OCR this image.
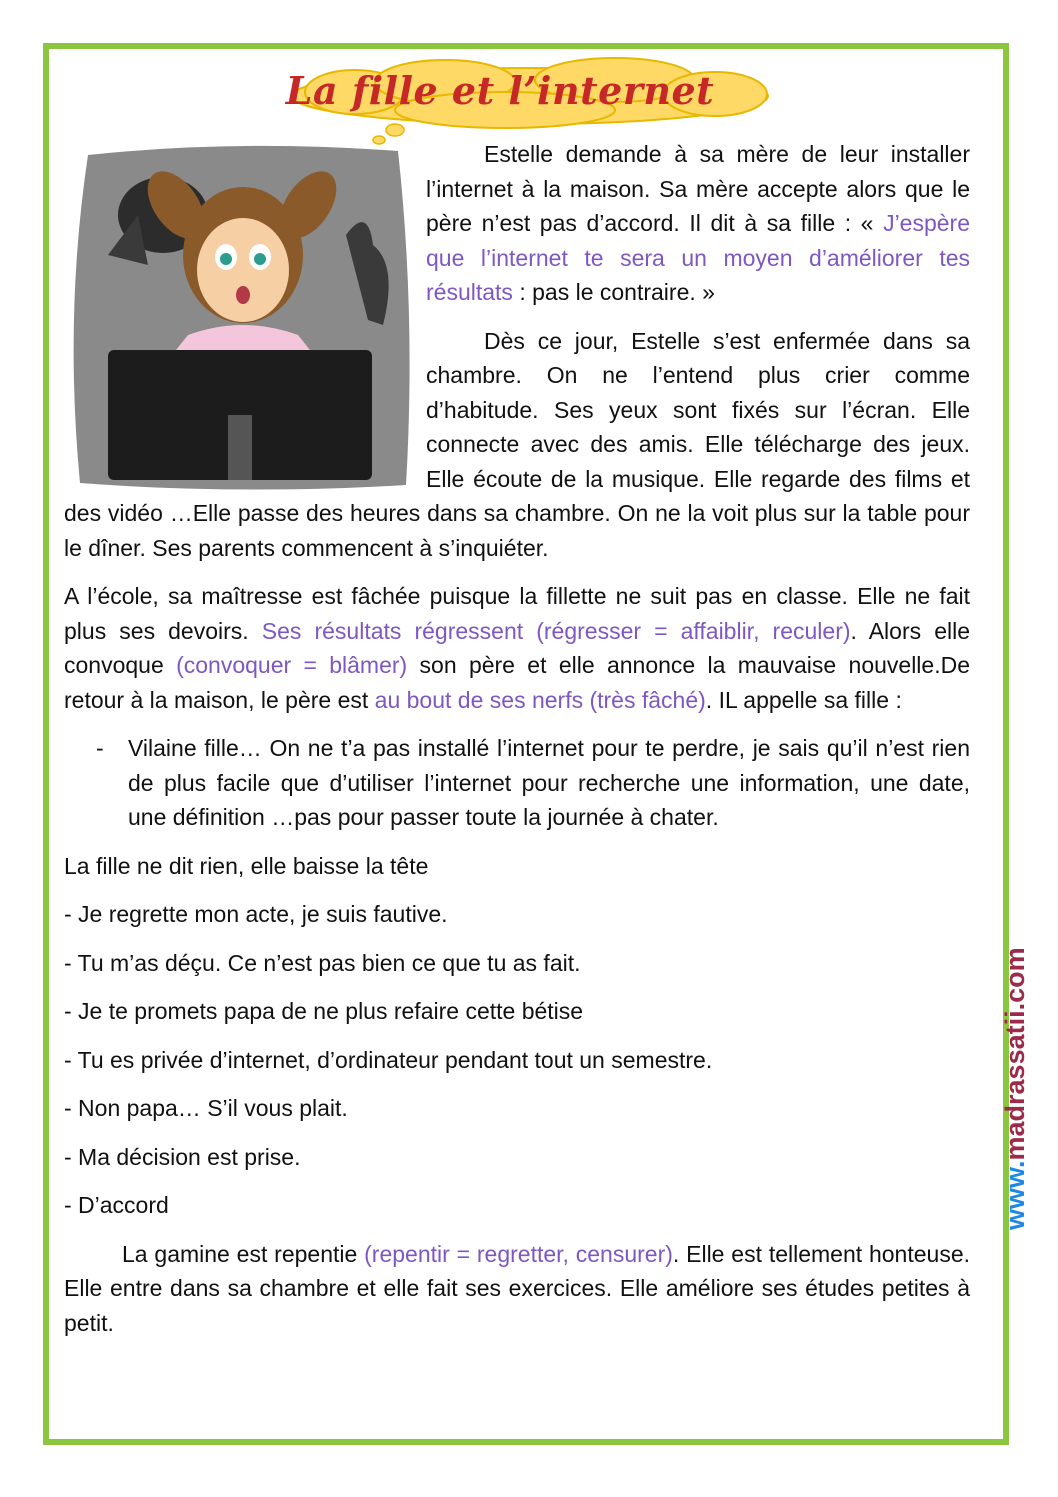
La fille et l’internet

Estelle demande à sa mère de leur installer l’internet à la maison. Sa mère accepte alors que le père n’est pas d’accord. Il dit à sa fille : « J’espère que l’internet te sera un moyen d’améliorer tes résultats : pas le contraire. »

Dès ce jour, Estelle s’est enfermée dans sa chambre. On ne l’entend plus crier comme d’habitude. Ses yeux sont fixés sur l’écran. Elle connecte avec des amis. Elle télécharge des jeux. Elle écoute de la musique. Elle regarde des films et des vidéo …Elle passe des heures dans sa chambre. On ne la voit plus sur la table pour le dîner. Ses parents commencent à s’inquiéter.

A l’école, sa maîtresse est fâchée puisque la fillette ne suit pas en classe. Elle ne fait plus ses devoirs. Ses résultats régressent (régresser = affaiblir, reculer). Alors elle convoque (convoquer = blâmer) son père et elle annonce la mauvaise nouvelle.De retour à la maison, le père est au bout de ses nerfs (très fâché). IL appelle sa fille :

-	Vilaine fille… On ne t’a pas installé l’internet pour te perdre, je sais qu’il n’est rien de plus facile que d’utiliser l’internet pour recherche une information, une date, une définition …pas pour passer toute la journée à chater.

La fille ne dit rien, elle baisse la tête

- Je regrette mon acte, je suis fautive.

- Tu m’as déçu. Ce n’est pas bien ce que tu as fait.

- Je te promets papa de ne plus refaire cette bétise

- Tu es privée d’internet, d’ordinateur pendant tout un semestre.

- Non papa… S’il vous plait.

- Ma décision est prise.

- D’accord

La gamine est repentie (repentir = regretter, censurer). Elle est tellement honteuse. Elle entre dans sa chambre et elle fait ses exercices. Elle améliore ses études petites à petit.

www.madrassatii.com
